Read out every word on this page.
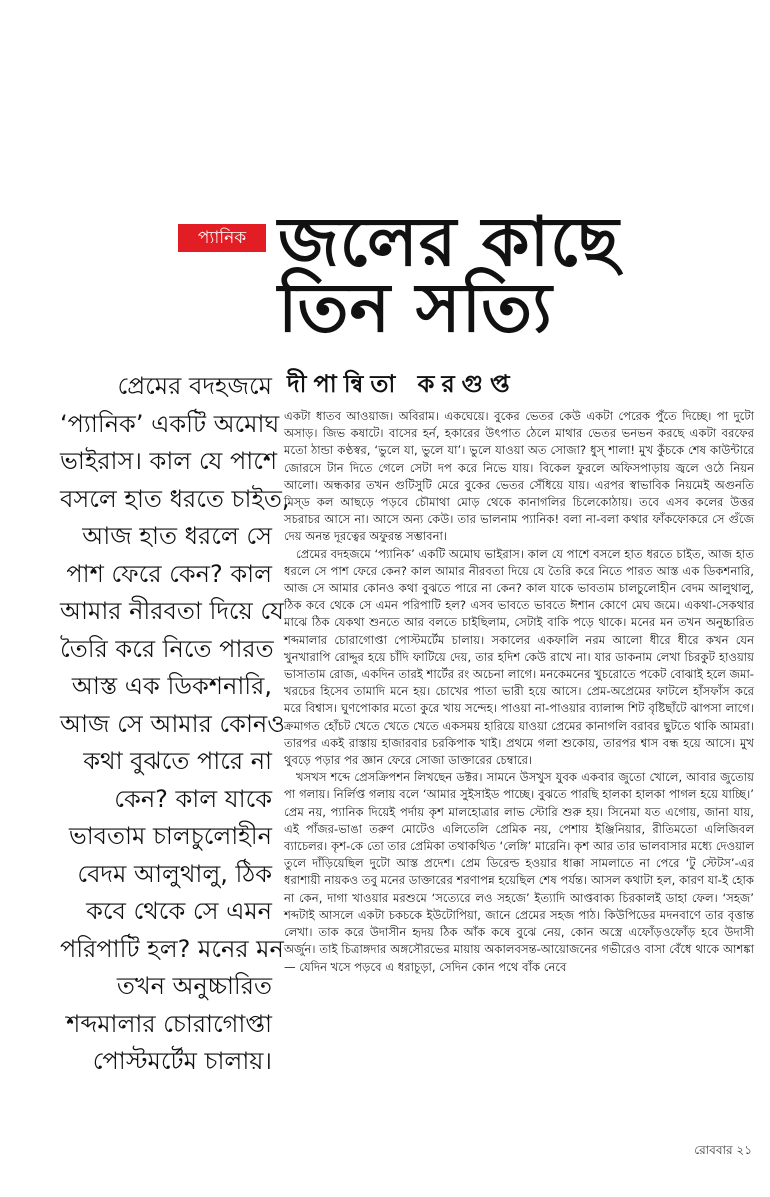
প্যানিক জলের কাছে
তিন সত্যি
দীপান্বিতা করগুপ্ত
প্রেমের বদহজমে
‘প্যানিক’ একটি অমোঘ
ভাইরাস। কাল যে পাশে
বসলে হাত ধরতে চাইত,
আজ হাত ধরলে সে
পাশ ফেরে কেন? কাল
আমার নীরবতা দিয়ে যে
তৈরি করে নিতে পারত
আস্ত এক ডিকশনারি,
আজ সে আমার কোনও
কথা বুঝতে পারে না
কেন? কাল যাকে
ভাবতাম চালচুলোহীন
বেদম আলুথালু, ঠিক
কবে থেকে সে এমন
পরিপাটি হল? মনের মন
তখন অনুচ্চারিত
শব্দমালার চোরাগোপ্তা
পোস্টমর্টেম চালায়।

একটা ধাতব আওয়াজ। অবিরাম। একঘেয়ে। বুকের ভেতর কেউ একটা পেরেক পুঁতে দিচ্ছে। পা দুটো অসাড়। জিভ কষাটে। বাসের হর্ন, হকারের উৎপাত ঠেলে মাথার ভেতর ভনভন করছে একটা বরফের মতো ঠান্ডা কণ্ঠস্বর, ‘ভুলে যা, ভুলে যা’। ভুলে যাওয়া অত সোজা? ধুস্ শালা! মুখ কুঁচকে শেষ কাউন্টারে জোরসে টান দিতে গেলে সেটা দপ করে নিভে যায়। বিকেল ফুরলে অফিসপাড়ায় জ্বলে ওঠে নিয়ন আলো। অন্ধকার তখন গুটিসুটি মেরে বুকের ভেতর সেঁধিয়ে যায়। এরপর স্বাভাবিক নিয়মেই অগুনতি মিস্‌ড কল আছড়ে পড়বে চৌমাথা মোড় থেকে কানাগলির চিলেকোঠায়। তবে এসব কলের উত্তর সচরাচর আসে না। আসে অন্য কেউ। তার ভালনাম প্যানিক! বলা না-বলা কথার ফাঁকফোকরে সে গুঁজে দেয় অনন্ত দূরত্বের অফুরন্ত সম্ভাবনা।

প্রেমের বদহজমে ‘প্যানিক’ একটি অমোঘ ভাইরাস। কাল যে পাশে বসলে হাত ধরতে চাইত, আজ হাত ধরলে সে পাশ ফেরে কেন? কাল আমার নীরবতা দিয়ে যে তৈরি করে নিতে পারত আস্ত এক ডিকশনারি, আজ সে আমার কোনও কথা বুঝতে পারে না কেন? কাল যাকে ভাবতাম চালচুলোহীন বেদম আলুথালু, ঠিক কবে থেকে সে এমন পরিপাটি হল? এসব ভাবতে ভাবতে ঈশান কোণে মেঘ জমে। একথা-সেকথার মাঝে ঠিক যেকথা শুনতে আর বলতে চাইছিলাম, সেটাই বাকি পড়ে থাকে। মনের মন তখন অনুচ্চারিত শব্দমালার চোরাগোপ্তা পোস্টমর্টেম চালায়। সকালের একফালি নরম আলো ধীরে ধীরে কখন যেন খুনখারাপি রোদ্দুর হয়ে চাঁদি ফাটিয়ে দেয়, তার হদিশ কেউ রাখে না। যার ডাকনাম লেখা চিরকুট হাওয়ায় ভাসাতাম রোজ, একদিন তারই শার্টের রং অচেনা লাগে। মনকেমনের খুচরোতে পকেট বোঝাই হলে জমা-খরচের হিসেব তামাদি মনে হয়। চোখের পাতা ভারী হয়ে আসে। প্রেম-অপ্রেমের ফাটলে হাঁসফাঁস করে মরে বিশ্বাস। ঘুণপোকার মতো কুরে খায় সন্দেহ। পাওয়া না-পাওয়ার ব্যালান্স শিট বৃষ্টিছাঁটে ঝাপসা লাগে। ক্রমাগত হোঁচট খেতে খেতে খেতে একসময় হারিয়ে যাওয়া প্রেমের কানাগলি বরাবর ছুটতে থাকি আমরা। তারপর একই রাস্তায় হাজারবার চরকিপাক খাই। প্রথমে গলা শুকোয়, তারপর শ্বাস বন্ধ হয়ে আসে। মুখ থুবড়ে পড়ার পর জ্ঞান ফেরে সোজা ডাক্তারের চেম্বারে।

খসখস শব্দে প্রেসক্রিপশন লিখছেন ডক্টর। সামনে উসখুস যুবক একবার জুতো খোলে, আবার জুতোয় পা গলায়। নির্লিপ্ত গলায় বলে ‘আমার সুইসাইড পাচ্ছে। বুঝতে পারছি হালকা হালকা পাগল হয়ে যাচ্ছি।’ প্রেম নয়, প্যানিক দিয়েই পর্দায় কৃশ মালহোত্রার লাভ স্টোরি শুরু হয়। সিনেমা যত এগোয়, জানা যায়, এই পাঁজর-ভাঙা তরুণ মোটেও এলিতেলি প্রেমিক নয়, পেশায় ইঞ্জিনিয়ার, রীতিমতো এলিজিবল ব্যাচেলর। কৃশ-কে তো তার প্রেমিকা তথাকথিত ‘লেঙ্গি’ মারেনি। কৃশ আর তার ভালবাসার মধ্যে দেওয়াল তুলে দাঁড়িয়েছিল দুটো আস্ত প্রদেশ। প্রেম ডিরেল্ড হওয়ার ধাক্কা সামলাতে না পেরে ‘টু স্টেটস’-এর ধরাশায়ী নায়কও তবু মনের ডাক্তারের শরণাপন্ন হয়েছিল শেষ পর্যন্ত। আসল কথাটা হল, কারণ যা-ই হোক না কেন, দাগা খাওয়ার মরশুমে ‘সত্যেরে লও সহজে’ ইত্যাদি আপ্তবাক্য চিরকালই ডাহা ফেল। ‘সহজ’ শব্দটাই আসলে একটা চকচকে ইউটোপিয়া, জানে প্রেমের সহজ পাঠ। কিউপিডের মদনবাণে তার বৃত্তান্ত লেখা। তাক করে উদাসীন হৃদয় ঠিক আঁক কষে বুঝে নেয়, কোন অস্ত্রে এফোঁড়ওফোঁড় হবে উদাসী অর্জুন। তাই চিত্রাঙ্গদার অঙ্গসৌরভের মায়ায় অকালবসন্ত-আয়োজনের গভীরেও বাসা বেঁধে থাকে আশঙ্কা— যেদিন খসে পড়বে এ ধরাচূড়া, সেদিন কোন পথে বাঁক নেবে

রোববার ২১
